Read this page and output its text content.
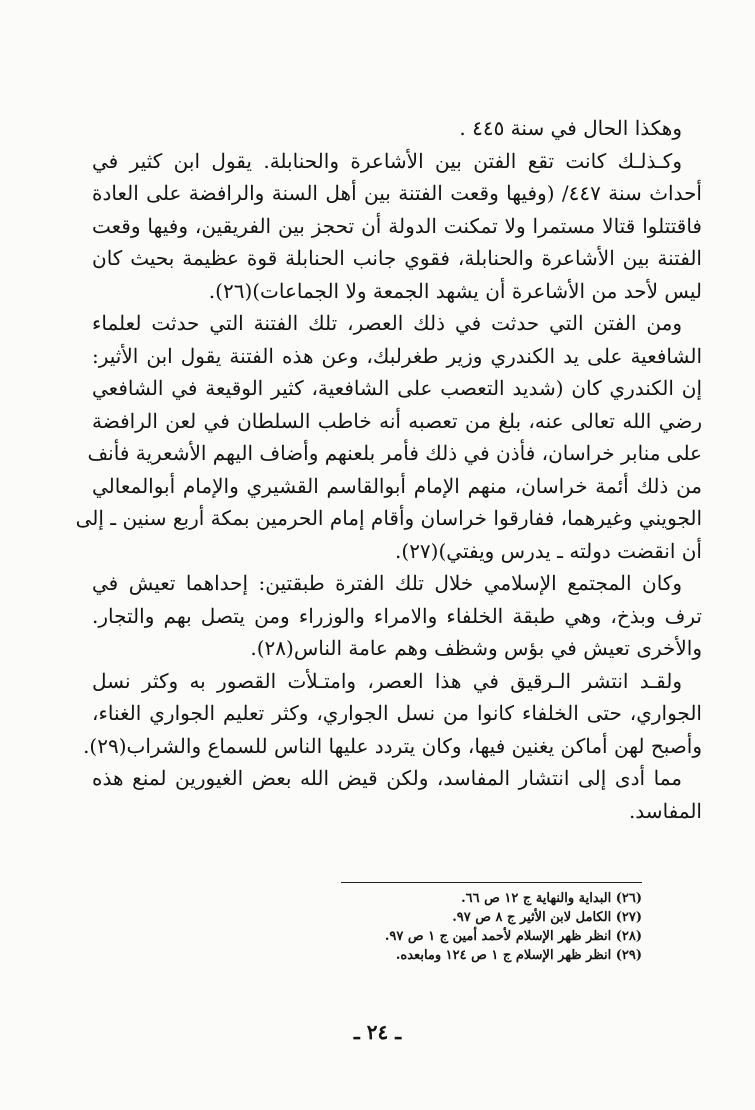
وهكذا الحال في سنة ٤٤٥ .
وكـذلـك كانت تقع الفتن بين الأشاعرة والحنابلة. يقول ابن كثير في
أحداث سنة ٤٤٧/ (وفيها وقعت الفتنة بين أهل السنة والرافضة على العادة
فاقتتلوا قتالا مستمرا ولا تمكنت الدولة أن تحجز بين الفريقين، وفيها وقعت
الفتنة بين الأشاعرة والحنابلة، فقوي جانب الحنابلة قوة عظيمة بحيث كان
ليس لأحد من الأشاعرة أن يشهد الجمعة ولا الجماعات)(٢٦).
ومن الفتن التي حدثت في ذلك العصر، تلك الفتنة التي حدثت لعلماء
الشافعية على يد الكندري وزير طغرلبك، وعن هذه الفتنة يقول ابن الأثير:
إن الكندري كان (شديد التعصب على الشافعية، كثير الوقيعة في الشافعي
رضي الله تعالى عنه، بلغ من تعصبه أنه خاطب السلطان في لعن الرافضة
على منابر خراسان، فأذن في ذلك فأمر بلعنهم وأضاف اليهم الأشعرية فأنف
من ذلك أئمة خراسان، منهم الإمام أبوالقاسم القشيري والإمام أبوالمعالي
الجويني وغيرهما، ففارقوا خراسان وأقام إمام الحرمين بمكة أربع سنين ـ إلى
أن انقضت دولته ـ يدرس ويفتي)(٢٧).
وكان المجتمع الإسلامي خلال تلك الفترة طبقتين: إحداهما تعيش في
ترف وبذخ، وهي طبقة الخلفاء والامراء والوزراء ومن يتصل بهم والتجار.
والأخرى تعيش في بؤس وشظف وهم عامة الناس(٢٨).
ولقـد انتشر الـرقيق في هذا العصر، وامتـلأت القصور به وكثر نسل
الجواري، حتى الخلفاء كانوا من نسل الجواري، وكثر تعليم الجواري الغناء،
وأصبح لهن أماكن يغنين فيها، وكان يتردد عليها الناس للسماع والشراب(٢٩).
مما أدى إلى انتشار المفاسد، ولكن قيض الله بعض الغيورين لمنع هذه
المفاسد.
(٢٦) البداية والنهاية ج ١٢ ص ٦٦.
(٢٧) الكامل لابن الأثير ج ٨ ص ٩٧.
(٢٨) انظر ظهر الإسلام لأحمد أمين ج ١ ص ٩٧.
(٢٩) انظر ظهر الإسلام ج ١ ص ١٢٤ ومابعده.
ـ ٢٤ ـ
